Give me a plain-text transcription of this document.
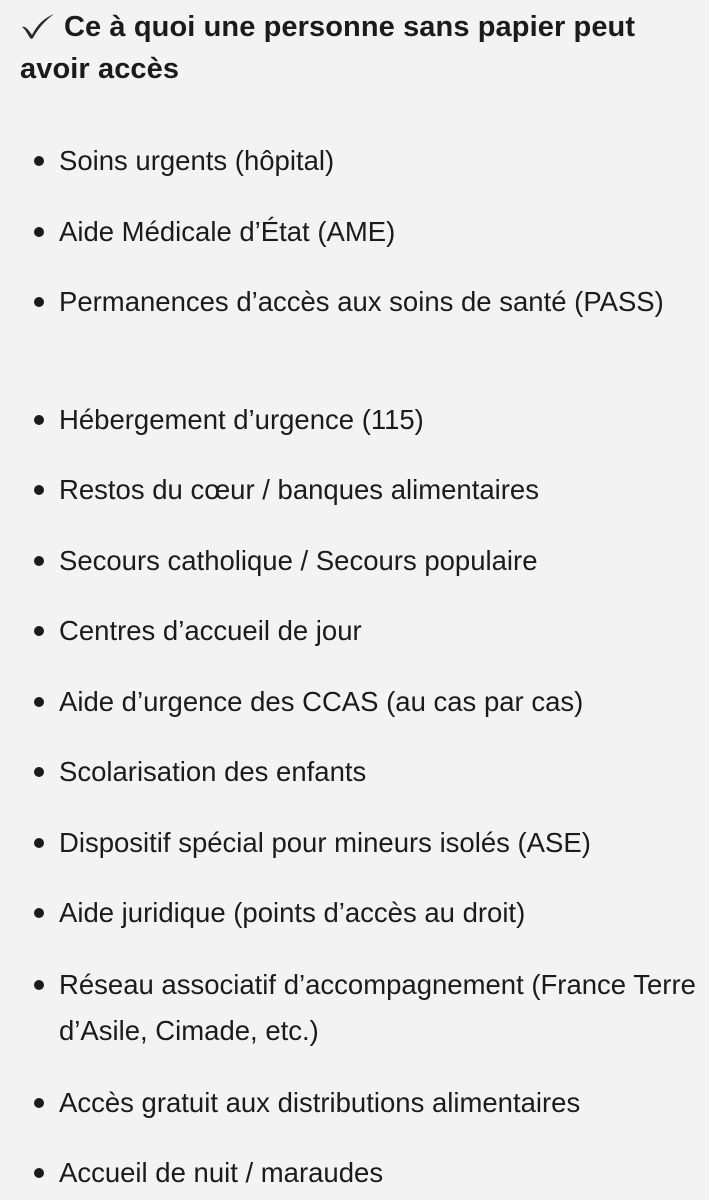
Ce à quoi une personne sans papier peut avoir accès
Soins urgents (hôpital)
Aide Médicale d’État (AME)
Permanences d’accès aux soins de santé (PASS)
Hébergement d’urgence (115)
Restos du cœur / banques alimentaires
Secours catholique / Secours populaire
Centres d’accueil de jour
Aide d’urgence des CCAS (au cas par cas)
Scolarisation des enfants
Dispositif spécial pour mineurs isolés (ASE)
Aide juridique (points d’accès au droit)
Réseau associatif d’accompagnement (France Terre d’Asile, Cimade, etc.)
Accès gratuit aux distributions alimentaires
Accueil de nuit / maraudes
